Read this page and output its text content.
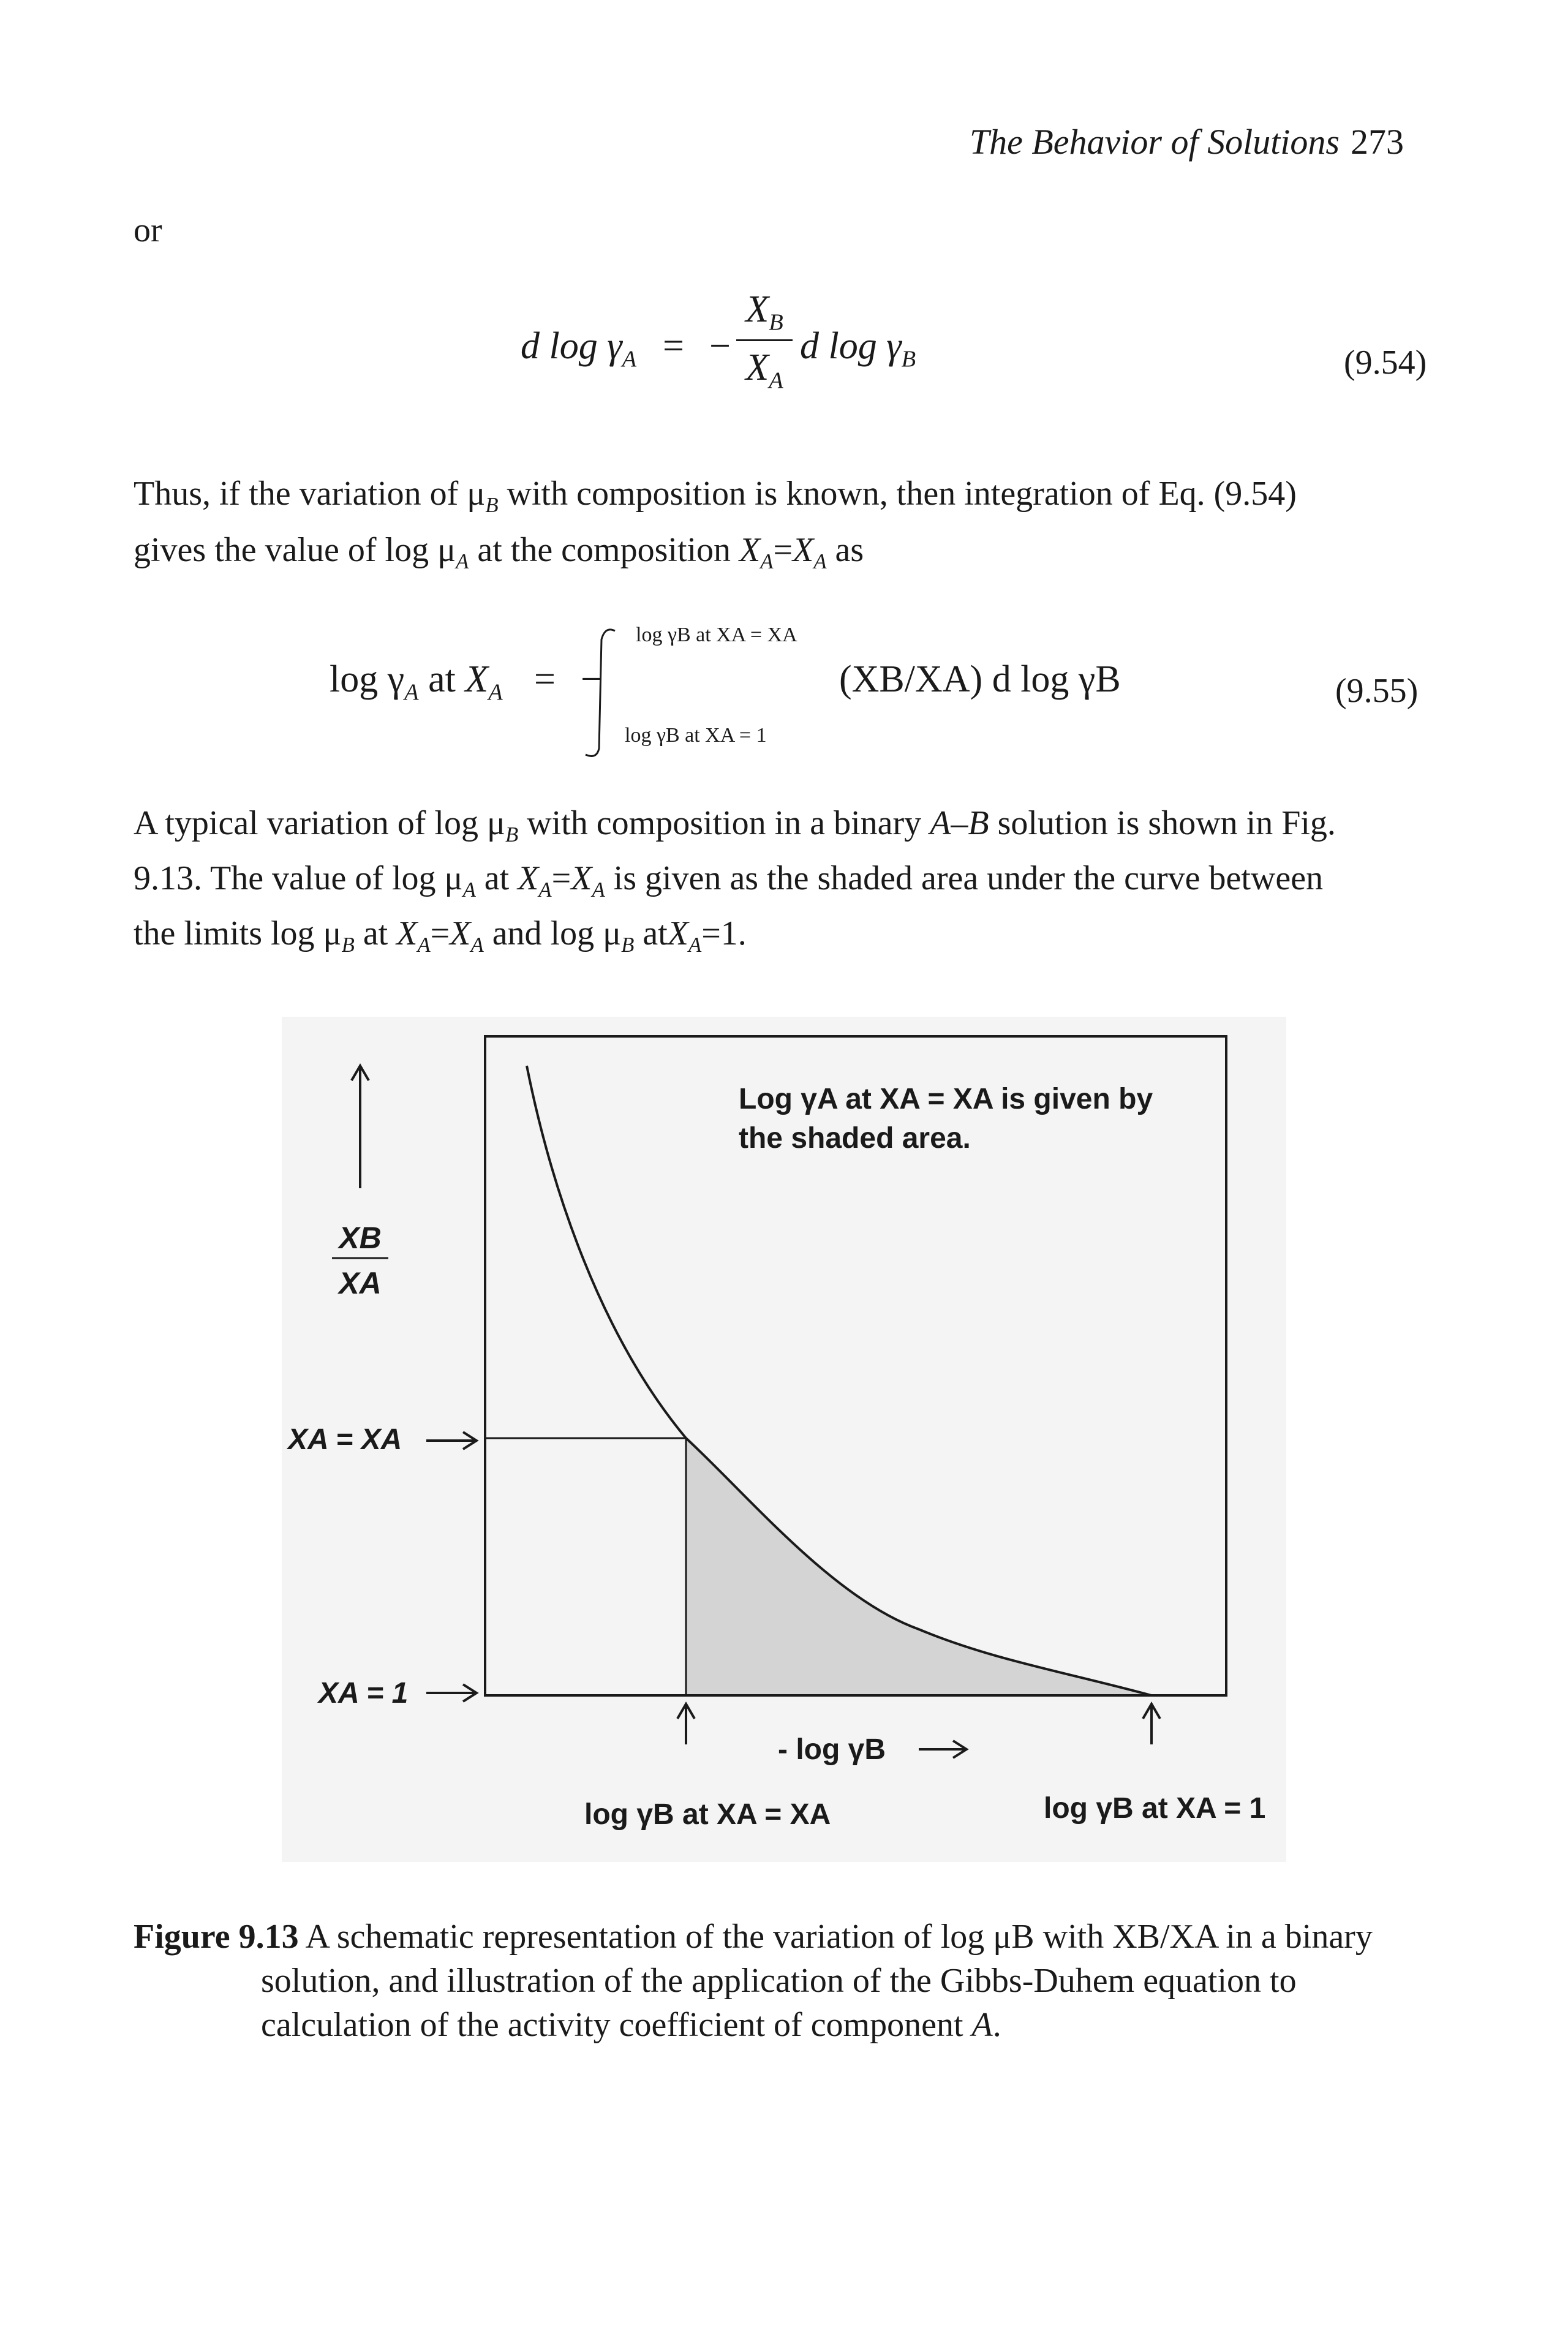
The Behavior of Solutions 273
or
d $\log \gamma_A$ = −
$X_B$
$X_A$
d $\log \gamma_B$	(9.54)
Thus, if the variation of $\mu_B$ with composition is known, then integration of Eq. (9.54)
gives the value of $\log \mu_A$ at the composition $X_A=X_A$ as
$\log \gamma_A$ at $X_A$ = −
log γB at XA = XA
log γB at XA = 1
(XB/XA) d log γB	(9.55)
A typical variation of $\log \mu_B$ with composition in a binary A–B solution is shown in Fig.
9.13. The value of $\log \mu_A$ at $X_A=X_A$ is given as the shaded area under the curve between
the limits $\log \mu_B$ at $X_A=X_A$ and $\log \mu_B$ atX$_A$=1.
XB
XA
XA = XA
XA = 1
Log γA at XA = XA is given by
the shaded area.
- log γB
log γB at XA = XA	log γB at XA = 1
Figure 9.13 A schematic representation of the variation of log μB with XB/XA in a binary
solution, and illustration of the application of the Gibbs-Duhem equation to
calculation of the activity coefficient of component A.
